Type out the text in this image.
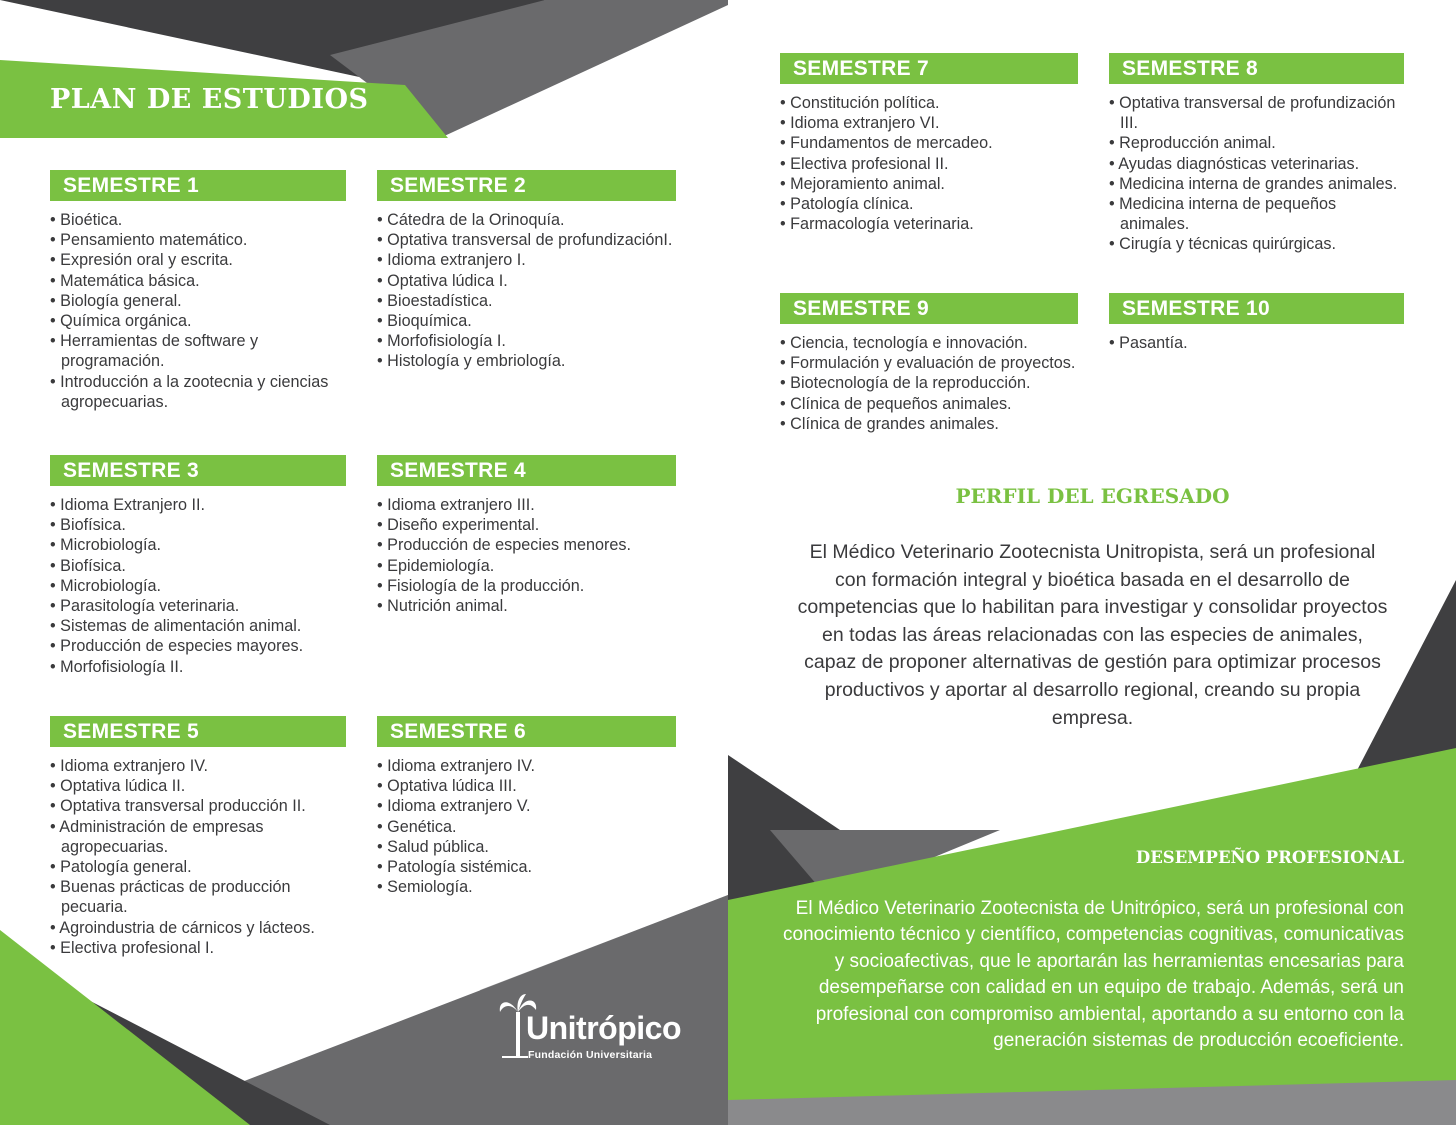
PLAN DE ESTUDIOS
SEMESTRE 1
• Bioética.
• Pensamiento matemático.
• Expresión oral y escrita.
• Matemática básica.
• Biología general.
• Química orgánica.
• Herramientas de software y programación.
• Introducción a la zootecnia y ciencias agropecuarias.
SEMESTRE 2
• Cátedra de la Orinoquía.
• Optativa transversal de profundizaciónI.
• Idioma extranjero I.
• Optativa lúdica I.
• Bioestadística.
• Bioquímica.
• Morfofisiología I.
• Histología y embriología.
SEMESTRE 3
• Idioma Extranjero II.
• Biofísica.
• Microbiología.
• Biofísica.
• Microbiología.
• Parasitología veterinaria.
• Sistemas de alimentación animal.
• Producción de especies mayores.
• Morfofisiología II.
SEMESTRE 4
• Idioma extranjero III.
• Diseño experimental.
• Producción de especies menores.
• Epidemiología.
• Fisiología de la producción.
• Nutrición animal.
SEMESTRE 5
• Idioma extranjero IV.
• Optativa lúdica II.
• Optativa transversal producción II.
• Administración de empresas agropecuarias.
• Patología general.
• Buenas prácticas de producción pecuaria.
• Agroindustria de cárnicos y lácteos.
• Electiva profesional I.
SEMESTRE 6
• Idioma extranjero IV.
• Optativa lúdica III.
• Idioma extranjero V.
• Genética.
• Salud pública.
• Patología sistémica.
• Semiología.
SEMESTRE 7
• Constitución política.
• Idioma extranjero VI.
• Fundamentos de mercadeo.
• Electiva profesional II.
• Mejoramiento animal.
• Patología clínica.
• Farmacología veterinaria.
SEMESTRE 8
• Optativa transversal de profundización III.
• Reproducción animal.
• Ayudas diagnósticas veterinarias.
• Medicina interna de grandes animales.
• Medicina interna de pequeños animales.
• Cirugía y técnicas quirúrgicas.
SEMESTRE 9
• Ciencia, tecnología e innovación.
• Formulación y evaluación de proyectos.
• Biotecnología de la reproducción.
• Clínica de pequeños animales.
• Clínica de grandes animales.
SEMESTRE 10
• Pasantía.
PERFIL DEL EGRESADO

El Médico Veterinario Zootecnista Unitropista, será un profesional con formación integral y bioética basada en el desarrollo de competencias que lo habilitan para investigar y consolidar proyectos en todas las áreas relacionadas con las especies de animales, capaz de proponer alternativas de gestión para optimizar procesos productivos y aportar al desarrollo regional, creando su propia empresa.

DESEMPEÑO PROFESIONAL

El Médico Veterinario Zootecnista de Unitrópico, será un profesional con conocimiento técnico y científico, competencias cognitivas, comunicativas y socioafectivas, que le aportarán las herramientas encesarias para desempeñarse con calidad en un equipo de trabajo. Además, será un profesional con compromiso ambiental, aportando a su entorno con la generación sistemas de producción ecoeficiente.

Unitrópico
Fundación Universitaria
